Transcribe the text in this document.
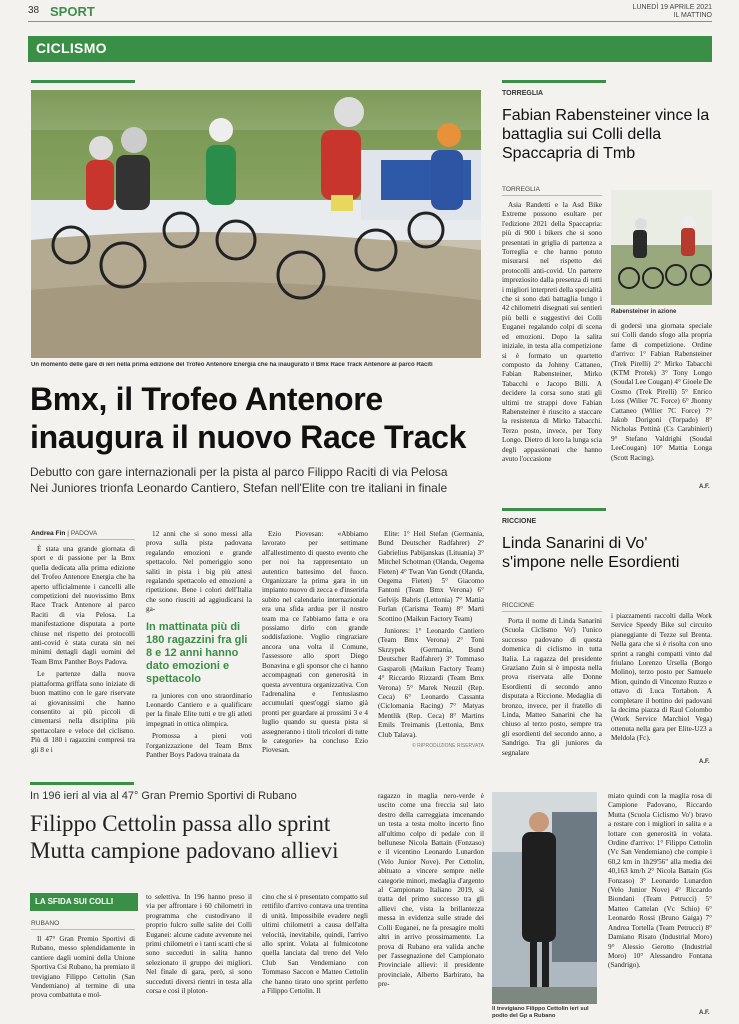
38 SPORT	LUNEDÌ 19 APRILE 2021
IL MATTINO
CICLISMO
Un momento delle gare di ieri nella prima edizione del Trofeo Antenore Energia che ha inaugurato il Bmx Race Track Antenore al parco Raciti
Bmx, il Trofeo Antenore
inaugura il nuovo Race Track
Debutto con gare internazionali per la pista al parco Filippo Raciti di via Pelosa
Nei Juniores trionfa Leonardo Cantiero, Stefan nell'Elite con tre italiani in finale
Andrea Fin | PADOVA
È stata una grande giornata di sport e di passione per la Bmx quella dedicata alla prima edizione del Trofeo Antenore Energia che ha aperto ufficialmente i cancelli alle competizioni del nuovissimo Bmx Race Track Antenore al parco Raciti di via Pelosa. La manifestazione disputata a porte chiuse nel rispetto dei protocolli anti-covid è stata curata sin nei minimi dettagli dagli uomini del Team Bmx Panther Boys Padova.
Le partenze dalla nuova piattaforma griffata sono iniziate di buon mattino con le gare riservate ai giovanissimi che hanno consentito ai più piccoli di cimentarsi nella disciplina più spettacolare e veloce del ciclismo. Più di 180 i ragazzini compresi tra gli 8 e i
12 anni che si sono messi alla prova sulla pista padovana regalando emozioni e grande spettacolo. Nel pomeriggio sono saliti in pista i big più attesi regalando spettacolo ed emozioni a ripetizione. Bene i colori dell'Italia che sono riusciti ad aggiudicarsi la ga-
In mattinata più di 180 ragazzini fra gli 8 e 12 anni hanno dato emozioni e spettacolo
ra juniores con uno straordinario Leonardo Cantiero e a qualificare per la finale Elite tutti e tre gli atleti impegnati in ottica olimpica.
Promossa a pieni voti l'organizzazione del Team Bmx Panther Boys Padova trainata da
Ezio Piovesan: «Abbiamo lavorato per settimane all'allestimento di questo evento che per noi ha rappresentato un autentico battesimo del fuoco. Organizzare la prima gara in un impianto nuovo di zecca e d'inserirla subito nel calendario internazionale era una sfida ardua per il nostro team ma ce l'abbiamo fatta e ora possiamo dirlo con grande soddisfazione. Voglio ringraziare ancora una volta il Comune, l'assessore allo sport Diego Bonavina e gli sponsor che ci hanno accompagnati con generosità in questa avventura organizzativa. Con l'adrenalina e l'entusiasmo accumulati quest'oggi siamo già pronti per guardare ai prossimi 3 e 4 luglio quando su questa pista si assegneranno i titoli tricolori di tutte le categorie» ha concluso Ezio Piovesan.
Elite: 1° Heil Stefan (Germania, Bund Deutscher Radfahrer) 2° Gabrielius Pabijanskas (Lituania) 3° Mitchel Schotman (Olanda, Oegema Fieten) 4° Twan Van Gendt (Olanda, Oegema Fieten) 5° Giacomo Fantoni (Team Bmx Verona) 6° Gelvijs Babris (Lettonia) 7° Mattia Furlan (Carisma Team) 8° Marti Scottino (Maikun Factory Team)
Juniores: 1° Leonardo Cantiero (Team Bmx Verona) 2° Toni Skrzypek (Germania, Bund Deutscher Radfahrer) 3° Tommaso Gasparoli (Maikun Factory Team) 4° Riccardo Rizzardi (Team Bmx Verona) 5° Marek Neuzil (Rep. Ceca) 6° Leonardo Cassanta (Ciclomania Racing) 7° Matyas Mentlik (Rep. Ceca) 8° Martins Emils Treimanis (Lettonia, Bmx Club Talava).
© RIPRODUZIONE RISERVATA
TORREGLIA
Fabian Rabensteiner vince la battaglia sui Colli della Spaccapria di Tmb
TORREGLIA
Asia Randetti e la Asd Bike Extreme possono esultare per l'edizione 2021 della Spaccapria: più di 900 i bikers che si sono presentati in griglia di partenza a Torreglia e che hanno potuto misurarsi nel rispetto dei protocolli anti-covid. Un parterre impreziosito dalla presenza di tutti i migliori interpreti della specialità che si sono dati battaglia lungo i 42 chilometri disegnati sui sentieri più belli e suggestivi dei Colli Euganei regalando colpi di scena ed emozioni. Dopo la salita iniziale, in testa alla competizione si è formato un quartetto composto da Johnny Cattaneo, Fabian Rabensteiner, Mirko Tabacchi e Jacopo Billi. A decidere la corsa sono stati gli ultimi tre strappi dove Fabian Rabensteiner è riuscito a staccare la resistenza di Mirko Tabacchi. Terzo posto, invece, per Tony Longo. Dietro di loro la lunga scia degli appassionati che hanno avuto l'occasione
Rabensteiner in azione
di godersi una giornata speciale sui Colli dando sfogo alla propria fame di competizione. Ordine d'arrivo: 1° Fabian Rabensteiner (Trek Pirelli) 2° Mirko Tabacchi (KTM Protek) 3° Tony Longo (Soudal Lee Cougan) 4° Gioele De Cosmo (Trek Pirelli) 5° Enrico Loss (Wilier 7C Force) 6° Jhonny Cattaneo (Wilier 7C Force) 7° Jakob Dorigoni (Torpado) 8° Nicholas Pettinà (Cs Carabinieri) 9° Stefano Valdrighi (Soudal LeeCougan) 10° Mattia Longa (Scott Racing).
A.F.
RICCIONE
Linda Sanarini di Vo' s'impone nelle Esordienti
RICCIONE
Porta il nome di Linda Sanarini (Scuola Ciclismo Vo') l'unico successo padovano di questa domenica di ciclismo in tutta Italia. La ragazza del presidente Graziano Zuin si è imposta nella prova riservata alle Donne Esordienti di secondo anno disputata a Riccione. Medaglia di bronzo, invece, per il fratello di Linda, Matteo Sanarini che ha chiuso al terzo posto, sempre tra gli esordienti del secondo anno, a Sandrigo. Tra gli juniores da segnalare
i piazzamenti raccolti dalla Work Service Speedy Bike sul circuito pianeggiante di Tezze sul Brenta. Nella gara che si è risolta con uno sprint a ranghi compatti vinto dal friulano Lorenzo Ursella (Borgo Molino), terzo posto per Samuele Mion, quindo di Vincenzo Ruzzo e ottavo di Luca Tortabon. A completare il bottino dei padovani la decima piazza di Raul Colombo (Work Service Marchiol Vega) ottenuta nella gara per Elite-U23 a Meldola (Fc).
A.F.
In 196 ieri al via al 47° Gran Premio Sportivi di Rubano
Filippo Cettolin passa allo sprint
Mutta campione padovano allievi
LA SFIDA SUI COLLI
RUBANO
Il 47° Gran Premio Sportivi di Rubano, messo splendidamente in cantiere dagli uomini della Unione Sportiva Csi Rubano, ha premiato il trevigiano Filippo Cettolin (San Vendemiano) al termine di una prova combattuta e mol-
to selettiva. In 196 hanno preso il via per affrontare i 60 chilometri in programma che custodivano il proprio fulcro sulle salite dei Colli Euganei: alcune cadute avvenute nei primi chilometri e i tanti scatti che si sono succeduti in salita hanno selezionato il gruppo dei migliori. Nel finale di gara, però, si sono succeduti diversi rientri in testa alla corsa e così il ploton-
cino che si è presentato compatto sul rettifilo d'arrivo contava una trentina di unità. Impossibile evadere negli ultimi chilometri a causa dell'alta velocità, inevitabile, quindi, l'arrivo allo sprint. Volata al fulmicotone quella lanciata dal treno del Velo Club San Vendemiano con Tommaso Saccon e Matteo Cettolin che hanno tirato uno sprint perfetto a Filippo Cettolin. Il
ragazzo in maglia nero-verde è uscito come una freccia sul lato destro della carreggiata imcenando un testa a testa molto incerto fino all'ultimo colpo di pedale con il bellunese Nicola Battain (Fonzaso) e il vicentino Leonardo Lunardon (Velo Junior Nove). Per Cettolin, abituato a vincere sempre nelle categorie minori, medaglia d'argento al Campionato Italiano 2019, si tratta del primo successo tra gli allievi che, vista la brillantezza messa in evidenza sulle strade dei Colli Euganei, ne fa presagire molti altri in arrivo prossimamente. La prova di Rubano era valida anche per l'assegnazione del Campionato Provinciale allievi: il presidente provinciale, Alberto Barbirato, ha pre-
Il trevigiano Filippo Cettolin ieri sul podio del Gp a Rubano
miato quindi con la maglia rosa di Campione Padovano, Riccardo Mutta (Scuola Ciclismo Vo') bravo a restare con i migliori in salita e a lottare con generosità in volata. Ordine d'arrivo: 1° Filippo Cettolin (Vc San Vendemiano) che compie i 60,2 km in 1h29'56" alla media dei 40,163 km/h 2° Nicola Battain (Gs Fonzaso) 3° Leonardo Lunardon (Velo Junior Nove) 4° Riccardo Biondani (Team Petrucci) 5° Matteo Cattelan (Vc Schio) 6° Leonardo Rossi (Bruno Gaiga) 7° Andrea Tortella (Team Petrucci) 8° Damiano Risato (Industrial Moro) 9° Alessio Gerotto (Industrial Moro) 10° Alessandro Fontana (Sandrigo).
A.F.
